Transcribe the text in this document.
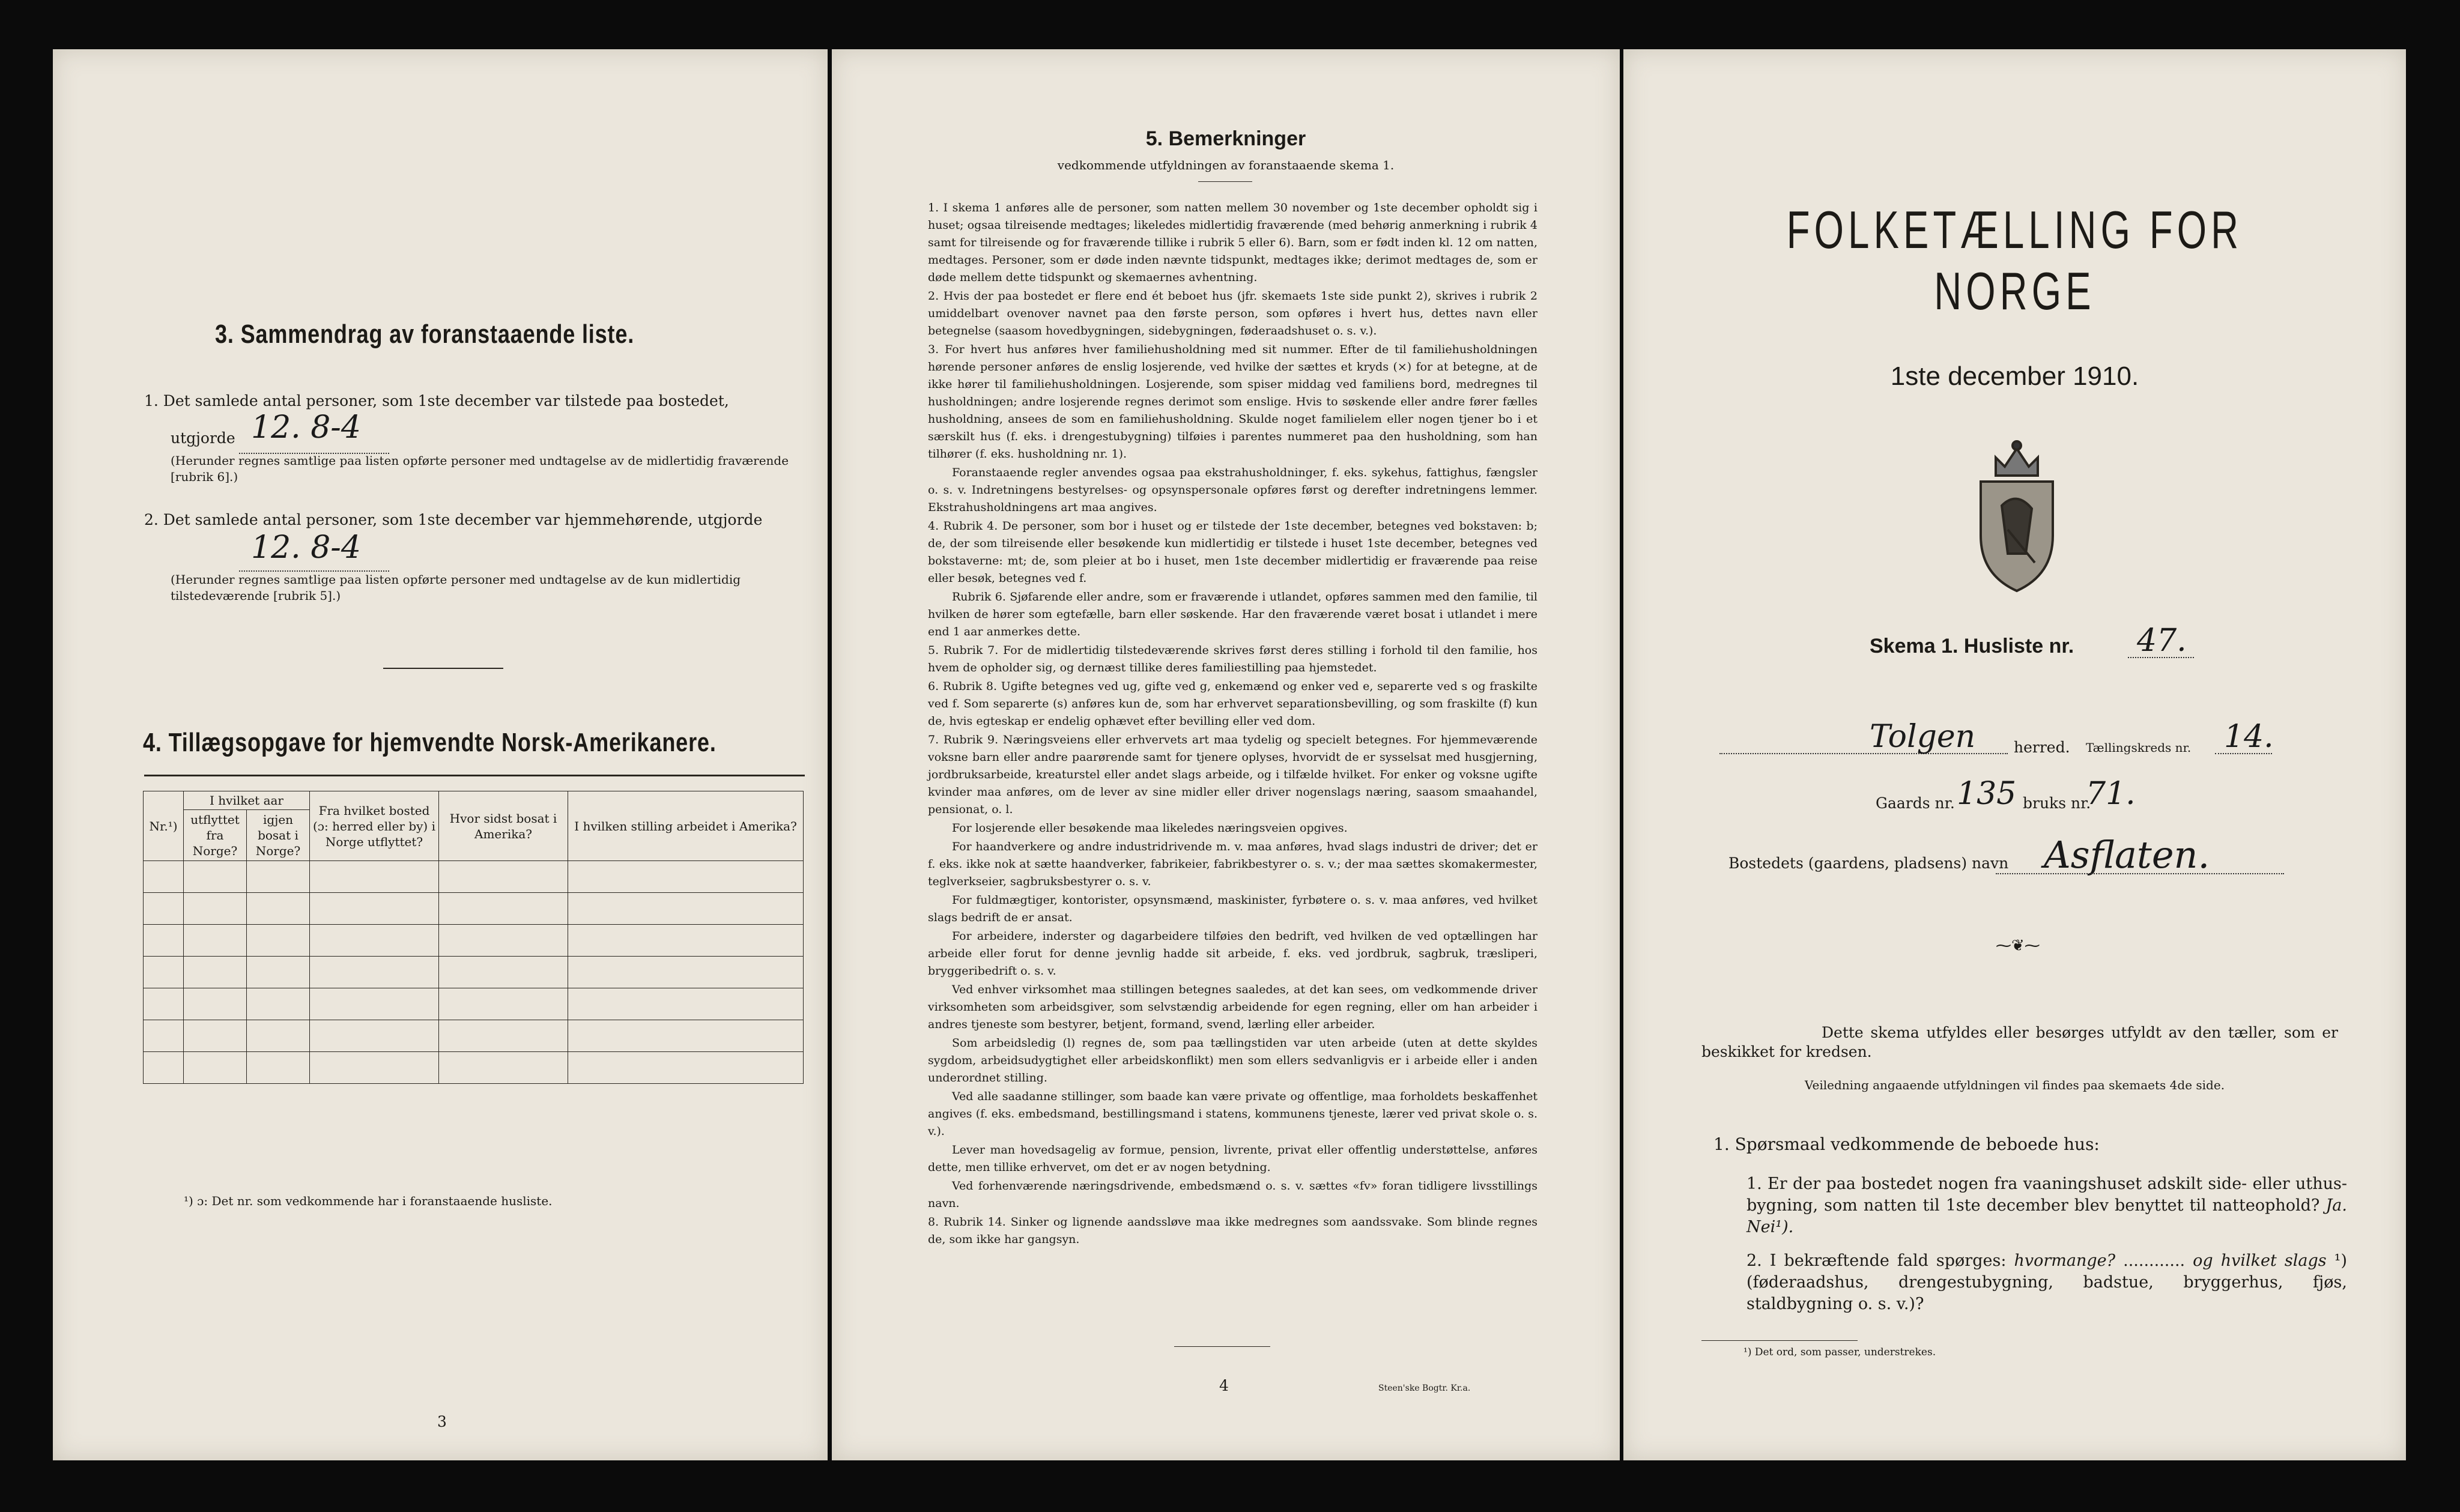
3. Sammendrag av foranstaaende liste.
1. Det samlede antal personer, som 1ste december var tilstede paa bostedet,
utgjorde 12. 8-4
(Herunder regnes samtlige paa listen opførte personer med undtagelse av de midlertidig fraværende [rubrik 6].)
2. Det samlede antal personer, som 1ste december var hjemmehørende, utgjorde
12. 8-4
(Herunder regnes samtlige paa listen opførte personer med undtagelse av de kun midlertidig tilstedeværende [rubrik 5].)
4. Tillægsopgave for hjemvendte Norsk-Amerikanere.
Nr.¹)	I hvilket aar		Fra hvilket bosted (ɔ: herred eller by) i Norge utflyttet?	Hvor sidst bosat i Amerika?	I hvilken stilling arbeidet i Amerika?
	utflyttet fra Norge?	igjen bosat i Norge?			

¹) ɔ: Det nr. som vedkommende har i foranstaaende husliste.
3
5. Bemerkninger
vedkommende utfyldningen av foranstaaende skema 1.

1. I skema 1 anføres alle de personer, som natten mellem 30 november og 1ste december opholdt sig i huset; ogsaa tilreisende medtages; likeledes midlertidig fraværende (med behørig anmerkning i rubrik 4 samt for tilreisende og for fraværende tillike i rubrik 5 eller 6). Barn, som er født inden kl. 12 om natten, medtages. Personer, som er døde inden nævnte tidspunkt, medtages ikke; derimot medtages de, som er døde mellem dette tidspunkt og skemaernes avhentning.

2. Hvis der paa bostedet er flere end ét beboet hus (jfr. skemaets 1ste side punkt 2), skrives i rubrik 2 umiddelbart ovenover navnet paa den første person, som opføres i hvert hus, dettes navn eller betegnelse (saasom hovedbygningen, sidebygningen, føderaadshuset o. s. v.).

3. For hvert hus anføres hver familiehusholdning med sit nummer. Efter de til familiehusholdningen hørende personer anføres de enslig losjerende, ved hvilke der sættes et kryds (×) for at betegne, at de ikke hører til familiehusholdningen. Losjerende, som spiser middag ved familiens bord, medregnes til husholdningen; andre losjerende regnes derimot som enslige. Hvis to søskende eller andre fører fælles husholdning, ansees de som en familiehusholdning. Skulde noget familielem eller nogen tjener bo i et særskilt hus (f. eks. i drengestubygning) tilføies i parentes nummeret paa den husholdning, som han tilhører (f. eks. husholdning nr. 1).

Foranstaaende regler anvendes ogsaa paa ekstrahusholdninger, f. eks. sykehus, fattighus, fængsler o. s. v. Indretningens bestyrelses- og opsynspersonale opføres først og derefter indretningens lemmer. Ekstrahusholdningens art maa angives.

4. Rubrik 4. De personer, som bor i huset og er tilstede der 1ste december, betegnes ved bokstaven: b; de, der som tilreisende eller besøkende kun midlertidig er tilstede i huset 1ste december, betegnes ved bokstaverne: mt; de, som pleier at bo i huset, men 1ste december midlertidig er fraværende paa reise eller besøk, betegnes ved f.

Rubrik 6. Sjøfarende eller andre, som er fraværende i utlandet, opføres sammen med den familie, til hvilken de hører som egtefælle, barn eller søskende. Har den fraværende været bosat i utlandet i mere end 1 aar anmerkes dette.

5. Rubrik 7. For de midlertidig tilstedeværende skrives først deres stilling i forhold til den familie, hos hvem de opholder sig, og dernæst tillike deres familiestilling paa hjemstedet.

6. Rubrik 8. Ugifte betegnes ved ug, gifte ved g, enkemænd og enker ved e, separerte ved s og fraskilte ved f. Som separerte (s) anføres kun de, som har erhvervet separationsbevilling, og som fraskilte (f) kun de, hvis egteskap er endelig ophævet efter bevilling eller ved dom.

7. Rubrik 9. Næringsveiens eller erhvervets art maa tydelig og specielt betegnes. For hjemmeværende voksne barn eller andre paarørende samt for tjenere oplyses, hvorvidt de er sysselsat med husgjerning, jordbruksarbeide, kreaturstel eller andet slags arbeide, og i tilfælde hvilket. For enker og voksne ugifte kvinder maa anføres, om de lever av sine midler eller driver nogenslags næring, saasom smaahandel, pensionat, o. l.

For losjerende eller besøkende maa likeledes næringsveien opgives.

For haandverkere og andre industridrivende m. v. maa anføres, hvad slags industri de driver; det er f. eks. ikke nok at sætte haandverker, fabrikeier, fabrikbestyrer o. s. v.; der maa sættes skomakermester, teglverkseier, sagbruksbestyrer o. s. v.

For fuldmægtiger, kontorister, opsynsmænd, maskinister, fyrbøtere o. s. v. maa anføres, ved hvilket slags bedrift de er ansat.

For arbeidere, inderster og dagarbeidere tilføies den bedrift, ved hvilken de ved optællingen har arbeide eller forut for denne jevnlig hadde sit arbeide, f. eks. ved jordbruk, sagbruk, træsliperi, bryggeribedrift o. s. v.

Ved enhver virksomhet maa stillingen betegnes saaledes, at det kan sees, om vedkommende driver virksomheten som arbeidsgiver, som selvstændig arbeidende for egen regning, eller om han arbeider i andres tjeneste som bestyrer, betjent, formand, svend, lærling eller arbeider.

Som arbeidsledig (l) regnes de, som paa tællingstiden var uten arbeide (uten at dette skyldes sygdom, arbeidsudygtighet eller arbeidskonflikt) men som ellers sedvanligvis er i arbeide eller i anden underordnet stilling.

Ved alle saadanne stillinger, som baade kan være private og offentlige, maa forholdets beskaffenhet angives (f. eks. embedsmand, bestillingsmand i statens, kommunens tjeneste, lærer ved privat skole o. s. v.).

Lever man hovedsagelig av formue, pension, livrente, privat eller offentlig understøttelse, anføres dette, men tillike erhvervet, om det er av nogen betydning.

Ved forhenværende næringsdrivende, embedsmænd o. s. v. sættes «fv» foran tidligere livsstillings navn.

8. Rubrik 14. Sinker og lignende aandssløve maa ikke medregnes som aandssvake. Som blinde regnes de, som ikke har gangsyn.

4	Steen'ske Bogtr. Kr.a.
FOLKETÆLLING FOR NORGE
1ste december 1910.
Skema 1. Husliste nr. 47.
Tolgen	herred. Tællingskreds nr. 14.
Gaards nr. 135 bruks nr.
71.
Bostedets (gaardens, pladsens) navn Asflaten.
⁓❦⁓
Dette skema utfyldes eller besørges utfyldt av den tæller, som er beskikket for kredsen.
Veiledning angaaende utfyldningen vil findes paa skemaets 4de side.
1. Spørsmaal vedkommende de beboede hus:
1. Er der paa bostedet nogen fra vaaningshuset adskilt side- eller uthus-bygning, som natten til 1ste december blev benyttet til natteophold? Ja. Nei¹).
2. I bekræftende fald spørges: hvormange? ............ og hvilket slags ¹) (føderaadshus, drengestubygning, badstue, bryggerhus, fjøs, staldbygning o. s. v.)?
¹) Det ord, som passer, understrekes.
